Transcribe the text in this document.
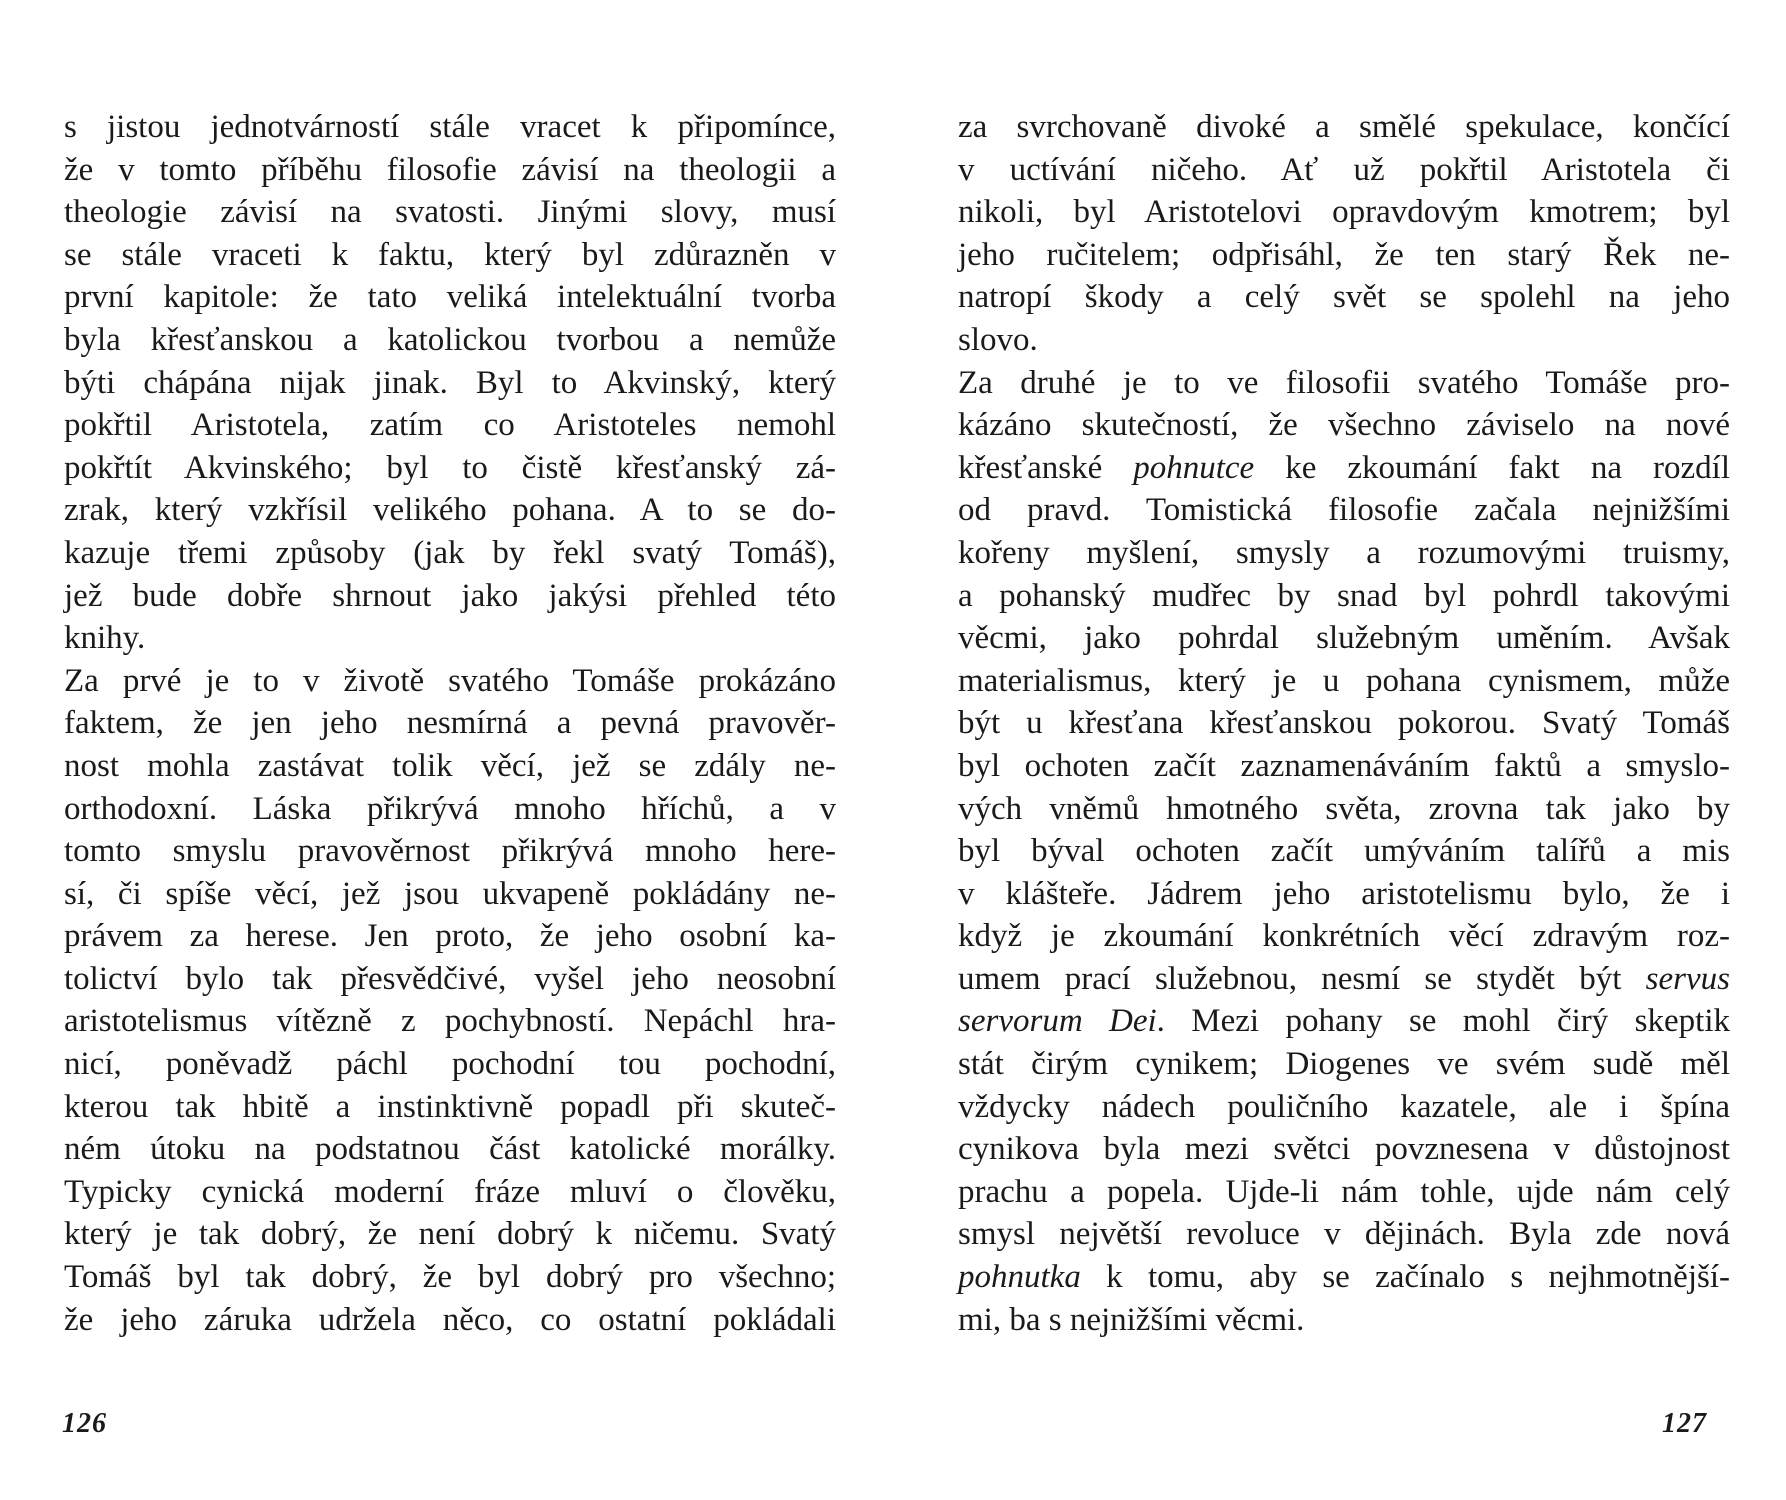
s jistou jednotvárností stále vracet k připomínce,
že v tomto příběhu filosofie závisí na theologii a
theologie závisí na svatosti. Jinými slovy, musí
se stále vraceti k faktu, který byl zdůrazněn v
první kapitole: že tato veliká intelektuální tvorba
byla křesťanskou a katolickou tvorbou a nemůže
býti chápána nijak jinak. Byl to Akvinský, který
pokřtil Aristotela, zatím co Aristoteles nemohl
pokřtít Akvinského; byl to čistě křesťanský zá-
zrak, který vzkřísil velikého pohana. A to se do-
kazuje třemi způsoby (jak by řekl svatý Tomáš),
jež bude dobře shrnout jako jakýsi přehled této
knihy.
Za prvé je to v životě svatého Tomáše prokázáno
faktem, že jen jeho nesmírná a pevná pravověr-
nost mohla zastávat tolik věcí, jež se zdály ne-
orthodoxní. Láska přikrývá mnoho hříchů, a v
tomto smyslu pravověrnost přikrývá mnoho here-
sí, či spíše věcí, jež jsou ukvapeně pokládány ne-
právem za herese. Jen proto, že jeho osobní ka-
tolictví bylo tak přesvědčivé, vyšel jeho neosobní
aristotelismus vítězně z pochybností. Nepáchl hra-
nicí, poněvadž páchl pochodní tou pochodní,
kterou tak hbitě a instinktivně popadl při skuteč-
ném útoku na podstatnou část katolické morálky.
Typicky cynická moderní fráze mluví o člověku,
který je tak dobrý, že není dobrý k ničemu. Svatý
Tomáš byl tak dobrý, že byl dobrý pro všechno;
že jeho záruka udržela něco, co ostatní pokládali
126
za svrchovaně divoké a smělé spekulace, končící
v uctívání ničeho. Ať už pokřtil Aristotela či
nikoli, byl Aristotelovi opravdovým kmotrem; byl
jeho ručitelem; odpřisáhl, že ten starý Řek ne-
natropí škody a celý svět se spolehl na jeho
slovo.
Za druhé je to ve filosofii svatého Tomáše pro-
kázáno skutečností, že všechno záviselo na nové
křesťanské pohnutce ke zkoumání fakt na rozdíl
od pravd. Tomistická filosofie začala nejnižšími
kořeny myšlení, smysly a rozumovými truismy,
a pohanský mudřec by snad byl pohrdl takovými
věcmi, jako pohrdal služebným uměním. Avšak
materialismus, který je u pohana cynismem, může
být u křesťana křesťanskou pokorou. Svatý Tomáš
byl ochoten začít zaznamenáváním faktů a smyslo-
vých vněmů hmotného světa, zrovna tak jako by
byl býval ochoten začít umýváním talířů a mis
v klášteře. Jádrem jeho aristotelismu bylo, že i
když je zkoumání konkrétních věcí zdravým roz-
umem prací služebnou, nesmí se stydět být servus
servorum Dei. Mezi pohany se mohl čirý skeptik
stát čirým cynikem; Diogenes ve svém sudě měl
vždycky nádech pouličního kazatele, ale i špína
cynikova byla mezi světci povznesena v důstojnost
prachu a popela. Ujde-li nám tohle, ujde nám celý
smysl největší revoluce v dějinách. Byla zde nová
pohnutka k tomu, aby se začínalo s nejhmotnější-
mi, ba s nejnižšími věcmi.
127
